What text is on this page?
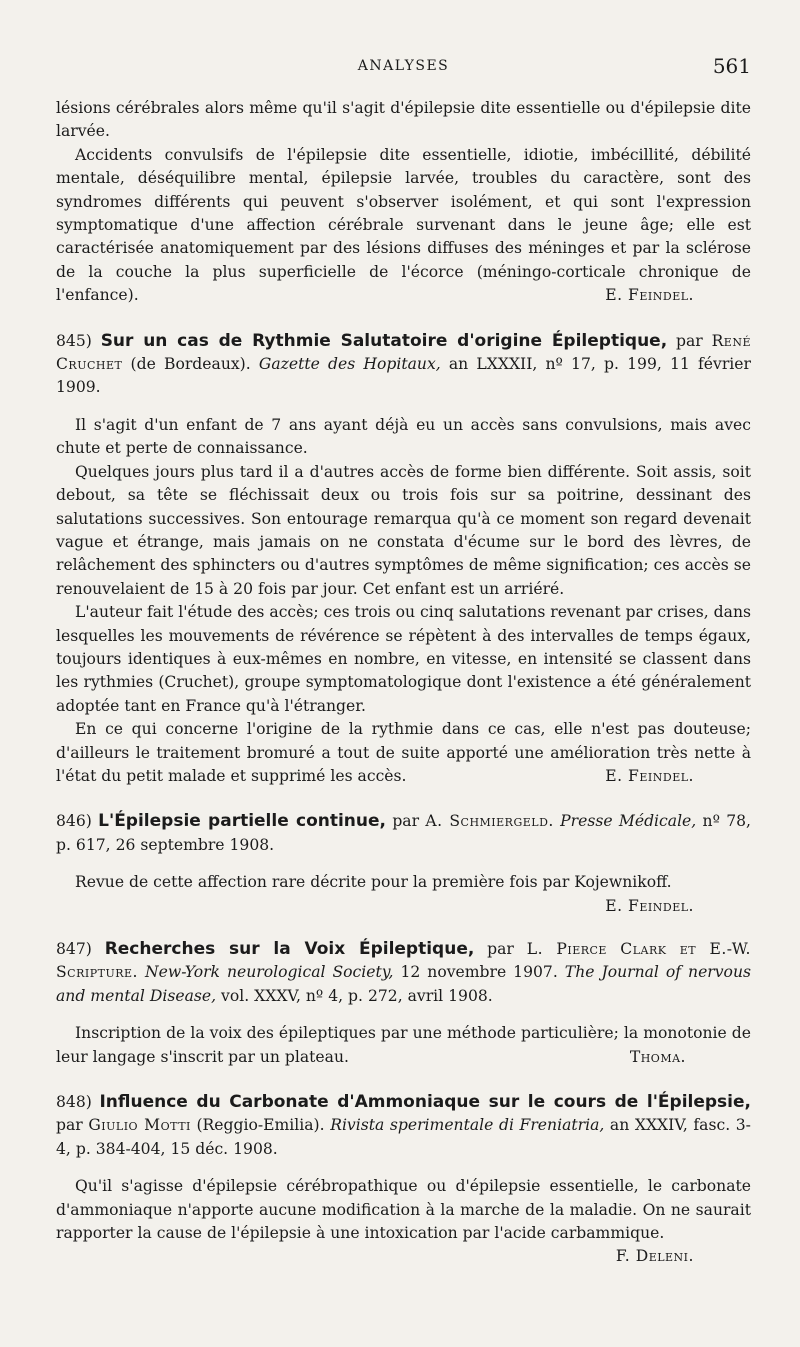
ANALYSES	561

lésions cérébrales alors même qu'il s'agit d'épilepsie dite essentielle ou d'épilepsie dite larvée.

Accidents convulsifs de l'épilepsie dite essentielle, idiotie, imbécillité, débilité mentale, déséquilibre mental, épilepsie larvée, troubles du caractère, sont des syndromes différents qui peuvent s'observer isolément, et qui sont l'expression symptomatique d'une affection cérébrale survenant dans le jeune âge; elle est caractérisée anatomiquement par des lésions diffuses des méninges et par la sclérose de la couche la plus superficielle de l'écorce (méningo-corticale chronique de l'enfance).	E. Feindel.

845) Sur un cas de Rythmie Salutatoire d'origine Épileptique, par René Cruchet (de Bordeaux). Gazette des Hopitaux, an LXXXII, nº 17, p. 199, 11 février 1909.

Il s'agit d'un enfant de 7 ans ayant déjà eu un accès sans convulsions, mais avec chute et perte de connaissance.

Quelques jours plus tard il a d'autres accès de forme bien différente. Soit assis, soit debout, sa tête se fléchissait deux ou trois fois sur sa poitrine, dessinant des salutations successives. Son entourage remarqua qu'à ce moment son regard devenait vague et étrange, mais jamais on ne constata d'écume sur le bord des lèvres, de relâchement des sphincters ou d'autres symptômes de même signification; ces accès se renouvelaient de 15 à 20 fois par jour. Cet enfant est un arriéré.

L'auteur fait l'étude des accès; ces trois ou cinq salutations revenant par crises, dans lesquelles les mouvements de révérence se répètent à des intervalles de temps égaux, toujours identiques à eux-mêmes en nombre, en vitesse, en intensité se classent dans les rythmies (Cruchet), groupe symptomatologique dont l'existence a été généralement adoptée tant en France qu'à l'étranger.

En ce qui concerne l'origine de la rythmie dans ce cas, elle n'est pas douteuse; d'ailleurs le traitement bromuré a tout de suite apporté une amélioration très nette à l'état du petit malade et supprimé les accès.	E. Feindel.

846) L'Épilepsie partielle continue, par A. Schmiergeld. Presse Médicale, nº 78, p. 617, 26 septembre 1908.

Revue de cette affection rare décrite pour la première fois par Kojewnikoff.

E. Feindel.
847) Recherches sur la Voix Épileptique, par L. Pierce Clark et E.-W. Scripture. New-York neurological Society, 12 novembre 1907. The Journal of nervous and mental Disease, vol. XXXV, nº 4, p. 272, avril 1908.

Inscription de la voix des épileptiques par une méthode particulière; la monotonie de leur langage s'inscrit par un plateau.	Thoma.

848) Influence du Carbonate d'Ammoniaque sur le cours de l'Épilepsie, par Giulio Motti (Reggio-Emilia). Rivista sperimentale di Freniatria, an XXXIV, fasc. 3-4, p. 384-404, 15 déc. 1908.

Qu'il s'agisse d'épilepsie cérébropathique ou d'épilepsie essentielle, le carbonate d'ammoniaque n'apporte aucune modification à la marche de la maladie. On ne saurait rapporter la cause de l'épilepsie à une intoxication par l'acide carbammique.
F. Deleni.
